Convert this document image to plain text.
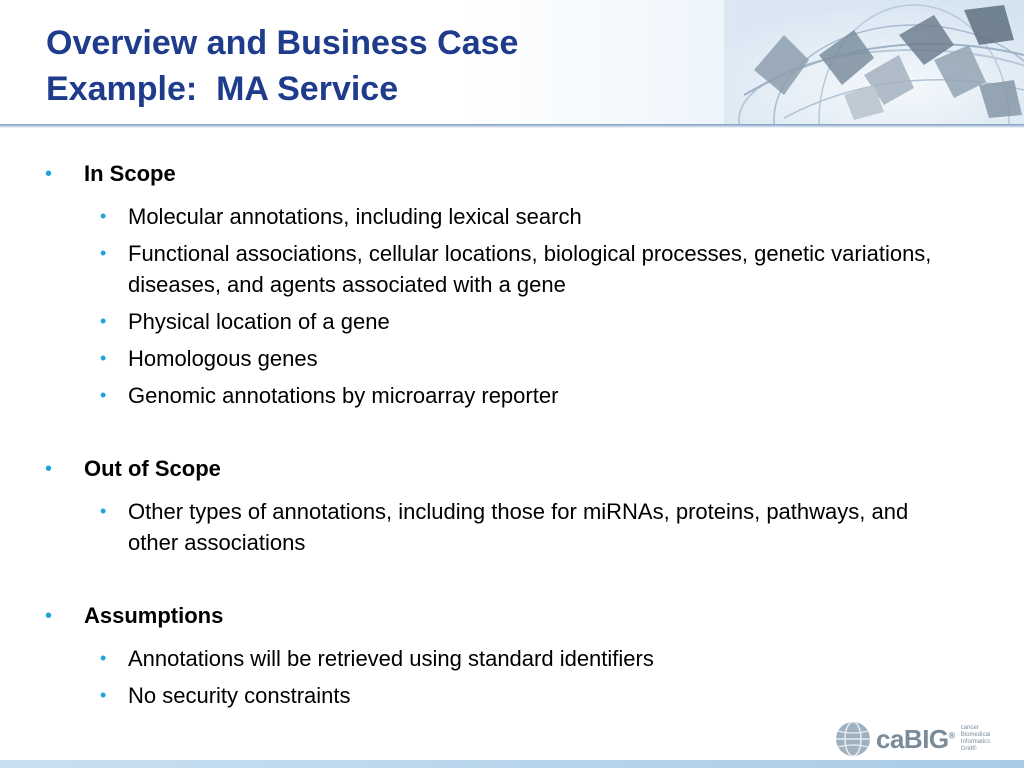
Overview and Business Case
Example:  MA Service
• In Scope
• Molecular annotations, including lexical search
• Functional associations, cellular locations, biological processes, genetic variations, diseases, and agents associated with a gene
• Physical location of a gene
• Homologous genes
• Genomic annotations by microarray reporter
• Out of Scope
• Other types of annotations, including those for miRNAs, proteins, pathways, and other associations
• Assumptions
• Annotations will be retrieved using standard identifiers
• No security constraints
caBIG®
cancer Biomedical Informatics Grid®
